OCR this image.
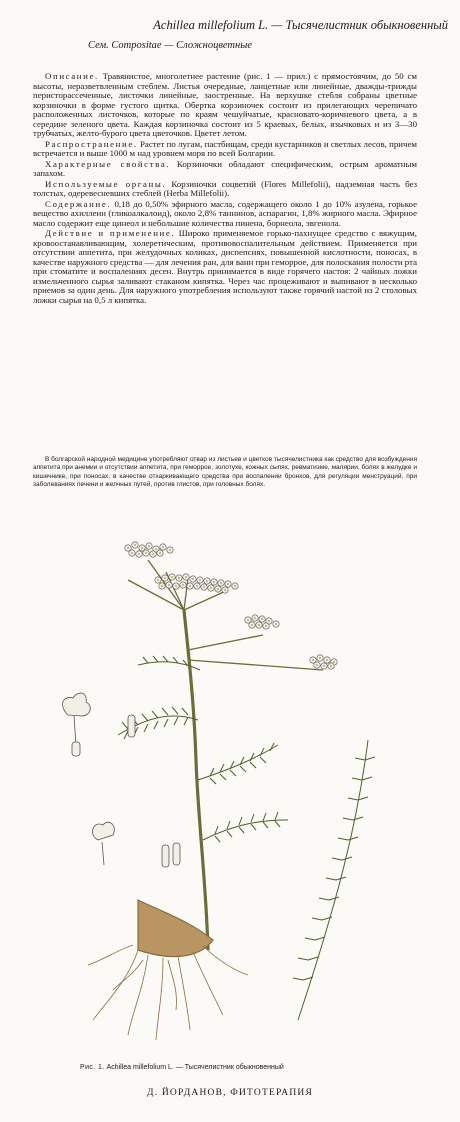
Achillea millefolium L. — Тысячелистник обыкновенный
Сем. Compositae — Сложноцветные

Описание. Травянистое, многолетнее растение (рис. 1 — прил.) с прямостоячим, до 50 см высоты, неразветвленным стеблем. Листья очередные, ланцетные или линейные, дважды-трижды перисторассеченные, листочки линейные, заостренные. На верхушке стебля собраны цветные корзиночки в форме густого щитка. Обертка корзиночек состоит из прилегающих черепичато расположенных листочков, которые по краям чешуйчатые, красновато-коричневого цвета, а в середине зеленого цвета. Каждая корзиночка состоит из 5 краевых, белых, язычковых и из 3—30 трубчатых, желто-бурого цвета цветочков. Цветет летом.

Распространение. Растет по лугам, пастбищам, среди кустарников и светлых лесов, причем встречается и выше 1000 м над уровнем моря по всей Болгарии.

Характерные свойства. Корзиночки обладают специфическим, острым ароматным запахом.

Используемые органы. Корзиночки соцветий (Flores Millefolii), надземная часть без толстых, одеревесневших стеблей (Herba Millefolii).

Содержание. 0,18 до 0,50% эфирного масла, содержащего около 1 до 10% азулена, горькое вещество ахиллеин (гликоалкалоид), около 2,8% таннинов, аспарагин, 1,8% жирного масла. Эфирное масло содержит еще цинеол и небольшие количества пинена, борнеола, эвгенола.

Действие и применение. Широко применяемое горько-пахнущее средство с вяжущим, кровоостанавливающим, холеретическим, противовоспалительным действием. Применяется при отсутствии аппетита, при желудочных коликах, диспепсиях, повышенной кислотности, поносах, в качестве наружного средства — для лечения ран, для ванн при геморрое, для полоскания полости рта при стоматите и воспалениях десен. Внутрь принимается в виде горячего настоя: 2 чайных ложки измельченного сырья заливают стаканом кипятка. Через час процеживают и выпивают в несколько приемов за один день. Для наружного употребления используют также горячий настой из 2 столовых ложки сырья на 0,5 л кипятка.

В болгарской народной медицине употребляют отвар из листьев и цветков тысячелистника как средство для возбуждения аппетита при анемии и отсутствии аппетита, при геморрое, золотухе, кожных сыпях, ревматизме, малярии, болях в желудке и кишечнике, при поносах, в качестве отхаркивающего средства при воспалении бронхов, для регуляции менструаций, при заболеваниях печени и желчных путей, против глистов, при головных болях.

Рис. 1. Achillea millefolium L. — Тысячелистник обыкновенный
Д. ЙОРДАНОВ, ФИТОТЕРАПИЯ
